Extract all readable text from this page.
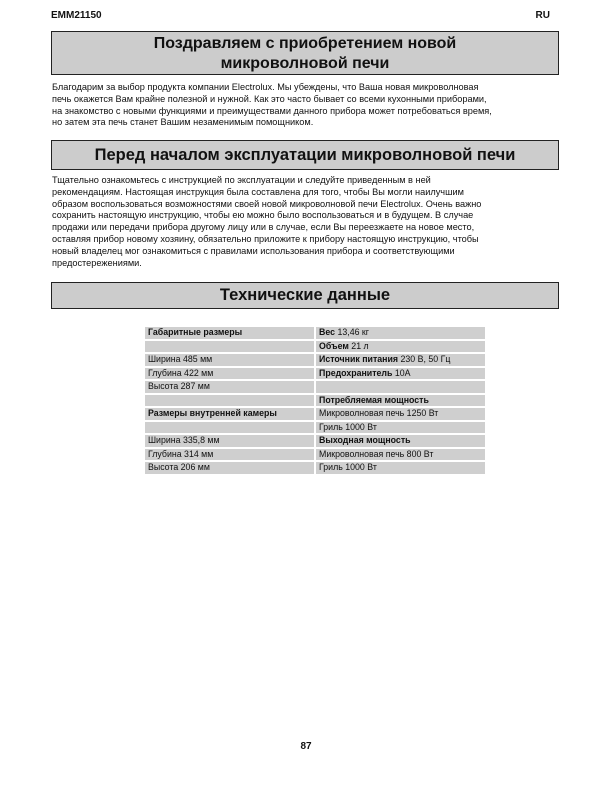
EMM21150	RU
Поздравляем с приобретением новой
микроволновой печи
Благодарим за выбор продукта компании Electrolux. Мы убеждены, что Ваша новая микроволновая
печь окажется Вам крайне полезной и нужной. Как это часто бывает со всеми кухонными приборами,
на знакомство с новыми функциями и преимуществами данного прибора может потребоваться время,
но затем эта печь станет Вашим незаменимым помощником.
Перед началом эксплуатации микроволновой печи
Тщательно ознакомьтесь с инструкцией по эксплуатации и следуйте приведенным в ней
рекомендациям. Настоящая инструкция была составлена для того, чтобы Вы могли наилучшим
образом воспользоваться возможностями своей новой микроволновой печи Electrolux. Очень важно
сохранить настоящую инструкцию, чтобы ею можно было воспользоваться и в будущем. В случае
продажи или передачи прибора другому лицу или в случае, если Вы переезжаете на новое место,
оставляя прибор новому хозяину, обязательно приложите к прибору настоящую инструкцию, чтобы
новый владелец мог ознакомиться с правилами использования прибора и соответствующими
предостережениями.
Технические данные
Габаритные размеры	Вес 13,46 кг
	Объем 21 л
Ширина 485 мм	Источник питания 230 В, 50 Гц
Глубина 422 мм	Предохранитель 10А
Высота 287 мм	
	Потребляемая мощность
Размеры внутренней камеры	Микроволновая печь 1250 Вт
	Гриль 1000 Вт
Ширина 335,8 мм	Выходная мощность
Глубина 314 мм	Микроволновая печь 800 Вт
Высота 206 мм	Гриль 1000 Вт
87
